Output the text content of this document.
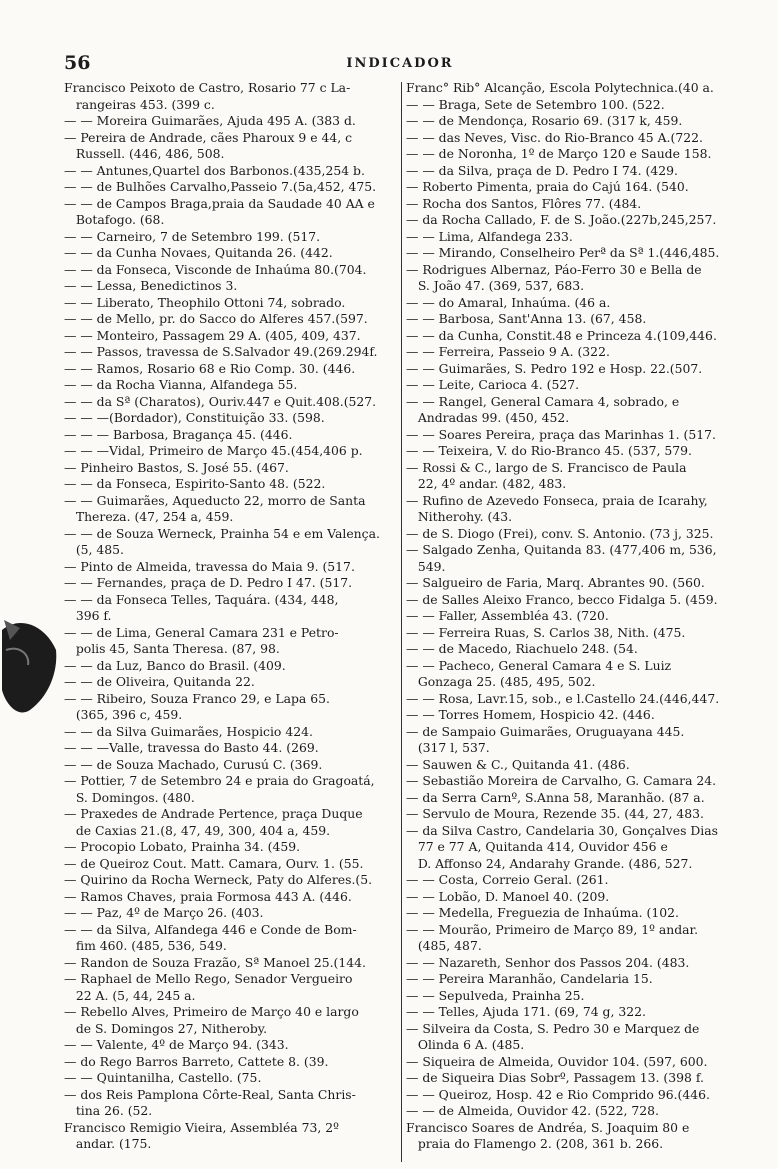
56	INDICADOR
Francisco Peixoto de Castro, Rosario 77 c La-
rangeiras 453. (399 c.
— — Moreira Guimarães, Ajuda 495 A. (383 d.
— Pereira de Andrade, cães Pharoux 9 e 44, c
Russell. (446, 486, 508.
— — Antunes,Quartel dos Barbonos.(435,254 b.
— — de Bulhões Carvalho,Passeio 7.(5a,452, 475.
— — de Campos Braga,praia da Saudade 40 AA e
Botafogo. (68.
— — Carneiro, 7 de Setembro 199. (517.
— — da Cunha Novaes, Quitanda 26. (442.
— — da Fonseca, Visconde de Inhaúma 80.(704.
— — Lessa, Benedictinos 3.
— — Liberato, Theophilo Ottoni 74, sobrado.
— — de Mello, pr. do Sacco do Alferes 457.(597.
— — Monteiro, Passagem 29 A. (405, 409, 437.
— — Passos, travessa de S.Salvador 49.(269.294f.
— — Ramos, Rosario 68 e Rio Comp. 30. (446.
— — da Rocha Vianna, Alfandega 55.
— — da Sª (Charatos), Ouriv.447 e Quit.408.(527.
— — —(Bordador), Constituição 33. (598.
— — — Barbosa, Bragança 45. (446.
— — —Vidal, Primeiro de Março 45.(454,406 p.
— Pinheiro Bastos, S. José 55. (467.
— — da Fonseca, Espirito-Santo 48. (522.
— — Guimarães, Aqueducto 22, morro de Santa
Thereza. (47, 254 a, 459.
— — de Souza Werneck, Prainha 54 e em Valença.
(5, 485.
— Pinto de Almeida, travessa do Maia 9. (517.
— — Fernandes, praça de D. Pedro I 47. (517.
— — da Fonseca Telles, Taquára. (434, 448,
396 f.
— — de Lima, General Camara 231 e Petro-
polis 45, Santa Theresa. (87, 98.
— — da Luz, Banco do Brasil. (409.
— — de Oliveira, Quitanda 22.
— — Ribeiro, Souza Franco 29, e Lapa 65.
(365, 396 c, 459.
— — da Silva Guimarães, Hospicio 424.
— — —Valle, travessa do Basto 44. (269.
— — de Souza Machado, Curusú C. (369.
— Pottier, 7 de Setembro 24 e praia do Gragoatá,
S. Domingos. (480.
— Praxedes de Andrade Pertence, praça Duque
de Caxias 21.(8, 47, 49, 300, 404 a, 459.
— Procopio Lobato, Prainha 34. (459.
— de Queiroz Cout. Matt. Camara, Ourv. 1. (55.
— Quirino da Rocha Werneck, Paty do Alferes.(5.
— Ramos Chaves, praia Formosa 443 A. (446.
— — Paz, 4º de Março 26. (403.
— — da Silva, Alfandega 446 e Conde de Bom-
fim 460. (485, 536, 549.
— Randon de Souza Frazão, Sª Manoel 25.(144.
— Raphael de Mello Rego, Senador Vergueiro
22 A. (5, 44, 245 a.
— Rebello Alves, Primeiro de Março 40 e largo
de S. Domingos 27, Nitheroby.
— — Valente, 4º de Março 94. (343.
— do Rego Barros Barreto, Cattete 8. (39.
— — Quintanilha, Castello. (75.
— dos Reis Pamplona Côrte-Real, Santa Chris-
tina 26. (52.
Francisco Remigio Vieira, Assembléa 73, 2º
andar. (175.
Franc° Rib° Alcanção, Escola Polytechnica.(40 a.
— — Braga, Sete de Setembro 100. (522.
— — de Mendonça, Rosario 69. (317 k, 459.
— — das Neves, Visc. do Rio-Branco 45 A.(722.
— — de Noronha, 1º de Março 120 e Saude 158.
— — da Silva, praça de D. Pedro I 74. (429.
— Roberto Pimenta, praia do Cajú 164. (540.
— Rocha dos Santos, Flôres 77. (484.
— da Rocha Callado, F. de S. João.(227b,245,257.
— — Lima, Alfandega 233.
— — Mirando, Conselheiro Perª da Sª 1.(446,485.
— Rodrigues Albernaz, Páo-Ferro 30 e Bella de
S. João 47. (369, 537, 683.
— — do Amaral, Inhaúma. (46 a.
— — Barbosa, Sant'Anna 13. (67, 458.
— — da Cunha, Constit.48 e Princeza 4.(109,446.
— — Ferreira, Passeio 9 A. (322.
— — Guimarães, S. Pedro 192 e Hosp. 22.(507.
— — Leite, Carioca 4. (527.
— — Rangel, General Camara 4, sobrado, e
Andradas 99. (450, 452.
— — Soares Pereira, praça das Marinhas 1. (517.
— — Teixeira, V. do Rio-Branco 45. (537, 579.
— Rossi & C., largo de S. Francisco de Paula
22, 4º andar. (482, 483.
— Rufino de Azevedo Fonseca, praia de Icarahy,
Nitherohy. (43.
— de S. Diogo (Frei), conv. S. Antonio. (73 j, 325.
— Salgado Zenha, Quitanda 83. (477,406 m, 536,
549.
— Salgueiro de Faria, Marq. Abrantes 90. (560.
— de Salles Aleixo Franco, becco Fidalga 5. (459.
— — Faller, Assembléa 43. (720.
— — Ferreira Ruas, S. Carlos 38, Nith. (475.
— — de Macedo, Riachuelo 248. (54.
— — Pacheco, General Camara 4 e S. Luiz
Gonzaga 25. (485, 495, 502.
— — Rosa, Lavr.15, sob., e l.Castello 24.(446,447.
— — Torres Homem, Hospicio 42. (446.
— de Sampaio Guimarães, Oruguayana 445.
(317 l, 537.
— Sauwen & C., Quitanda 41. (486.
— Sebastião Moreira de Carvalho, G. Camara 24.
— da Serra Carnº, S.Anna 58, Maranhão. (87 a.
— Servulo de Moura, Rezende 35. (44, 27, 483.
— da Silva Castro, Candelaria 30, Gonçalves Dias
77 e 77 A, Quitanda 414, Ouvidor 456 e
D. Affonso 24, Andarahy Grande. (486, 527.
— — Costa, Correio Geral. (261.
— — Lobão, D. Manoel 40. (209.
— — Medella, Freguezia de Inhaúma. (102.
— — Mourão, Primeiro de Março 89, 1º andar.
(485, 487.
— — Nazareth, Senhor dos Passos 204. (483.
— — Pereira Maranhão, Candelaria 15.
— — Sepulveda, Prainha 25.
— — Telles, Ajuda 171. (69, 74 g, 322.
— Silveira da Costa, S. Pedro 30 e Marquez de
Olinda 6 A. (485.
— Siqueira de Almeida, Ouvidor 104. (597, 600.
— de Siqueira Dias Sobrº, Passagem 13. (398 f.
— — Queiroz, Hosp. 42 e Rio Comprido 96.(446.
— — de Almeida, Ouvidor 42. (522, 728.
Francisco Soares de Andréa, S. Joaquim 80 e
praia do Flamengo 2. (208, 361 b. 266.
